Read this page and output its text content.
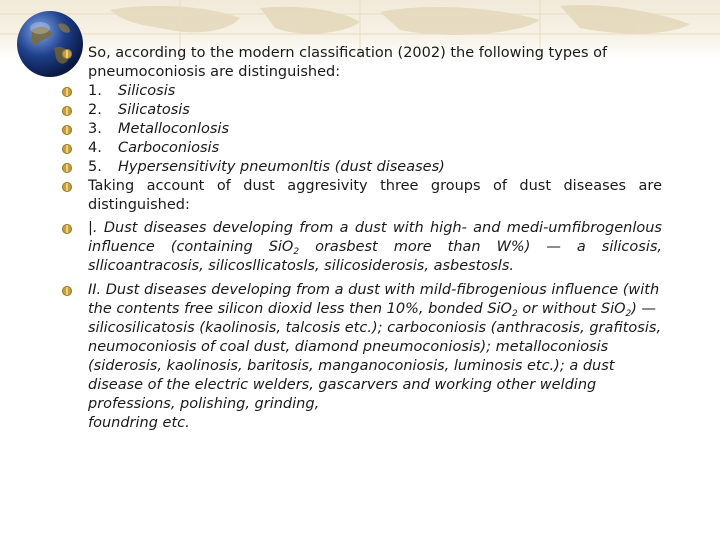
So, according to the modern classification (2002) the following types of pneumoconiosis are distinguished:
1. Silicosis
2. Silicatosis
3. Metalloconlosis
4. Carboconiosis
5. Hypersensitivity pneumonltis (dust diseases)
Taking account of dust aggresivity three groups of dust diseases are distinguished:
|. Dust diseases developing from a dust with high- and medi-umfibrogenlous influence (containing SiO$_2$ orasbest more than W%) — a silicosis, sllicoantracosis, silicosllicatosls, silicosiderosis, asbestosls.
II. Dust diseases developing from a dust with mild-fibrogenious influence (with the contents free silicon dioxid less then 10%, bonded SiO$_2$ or without SiO$_2$) — silicosilicatosis (kaolinosis, talcosis etc.); carboconiosis (anthracosis, grafitosis, neumoconiosis of coal dust, diamond pneumoconiosis); metalloconiosis (siderosis, kaolinosis, baritosis, manganoconiosis, luminosis etc.); a dust disease of the electric welders, gascarvers and working other welding professions, polishing, grinding,
foundring etc.
